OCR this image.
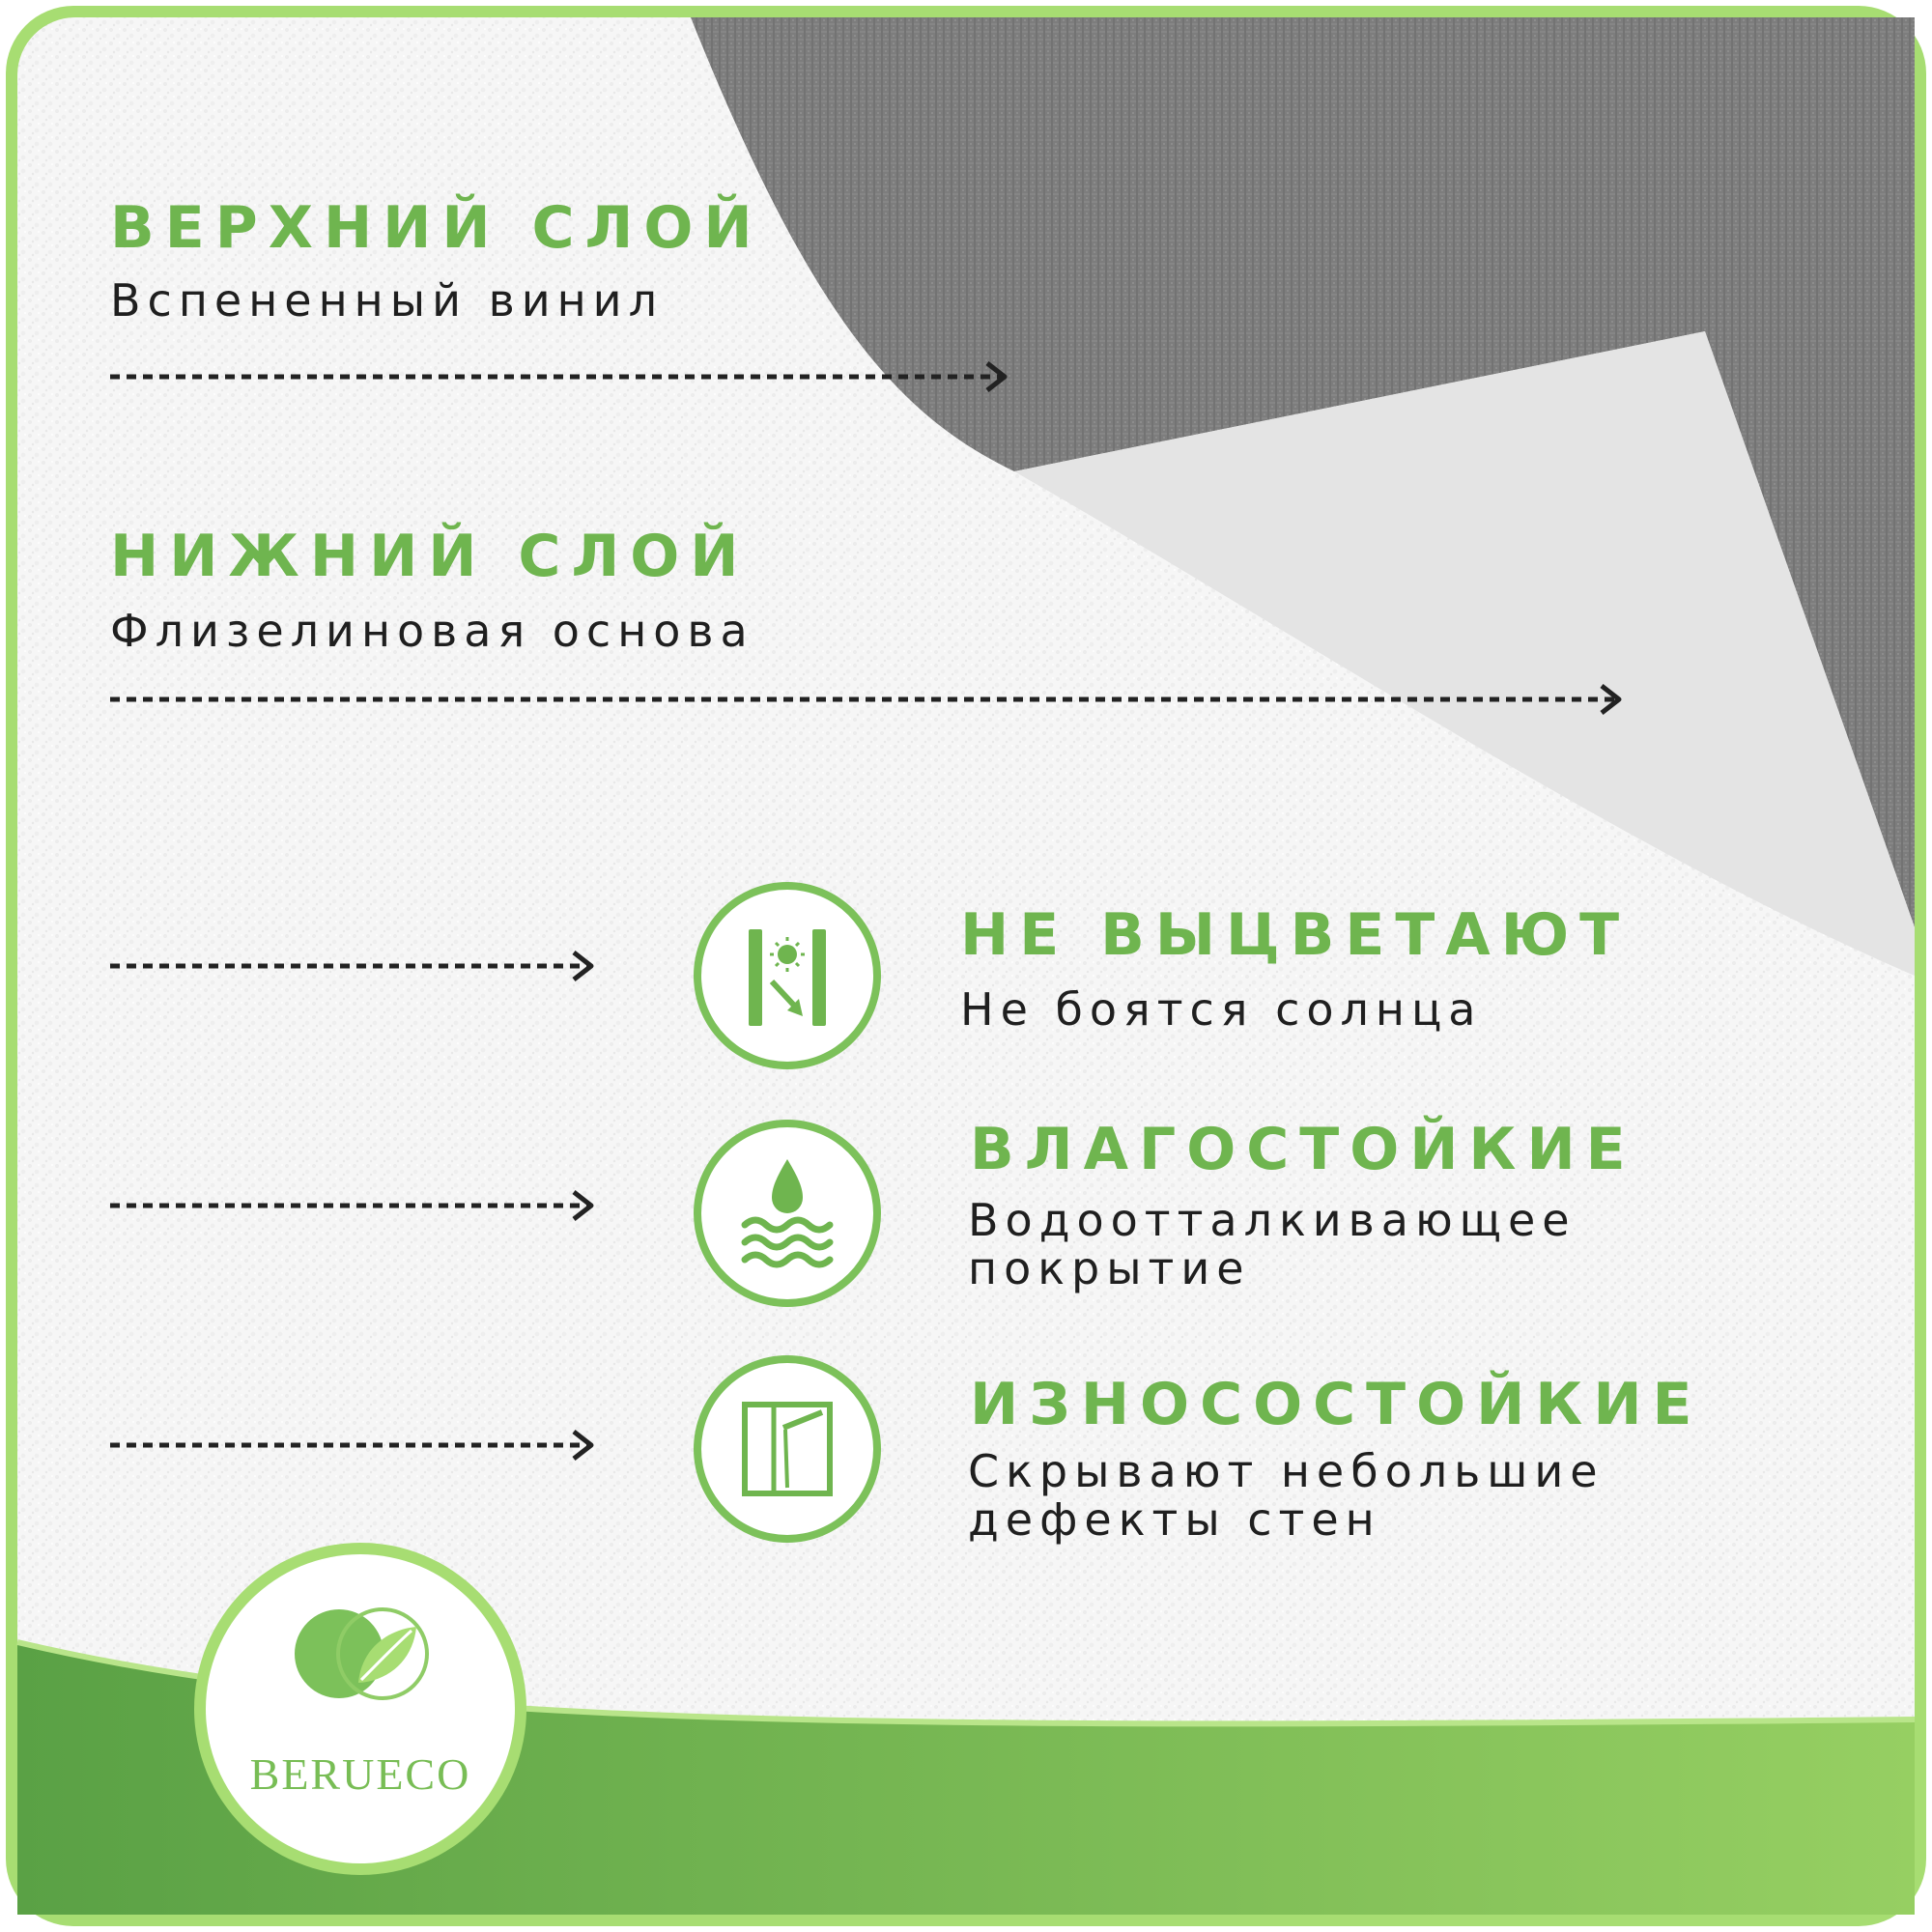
ВЕРХНИЙ СЛОЙ
Вспененный винил
НИЖНИЙ СЛОЙ
Флизелиновая основа
НЕ ВЫЦВЕТАЮТ
Не боятся солнца
ВЛАГОСТОЙКИЕ
Водоотталкивающее
покрытие
ИЗНОСОСТОЙКИЕ
Скрывают небольшие
дефекты стен
BERUECO
